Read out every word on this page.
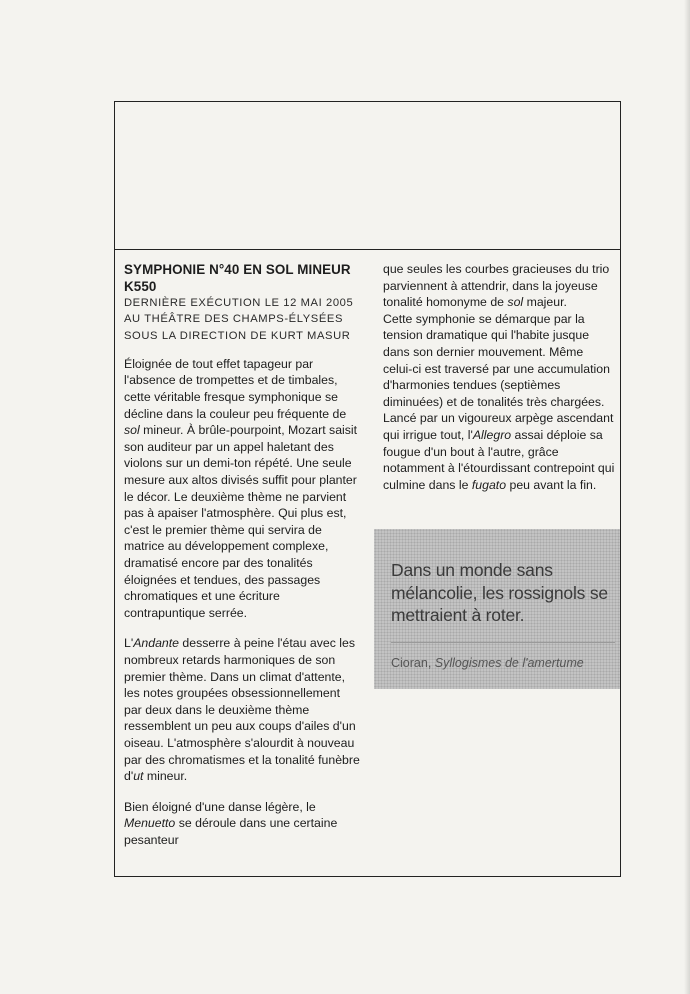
SYMPHONIE N°40 EN SOL MINEUR
K550
DERNIÈRE EXÉCUTION LE 12 MAI 2005
AU THÉÂTRE DES CHAMPS-ÉLYSÉES
SOUS LA DIRECTION DE KURT MASUR

Éloignée de tout effet tapageur par l'absence de trompettes et de timbales, cette véritable fresque symphonique se décline dans la couleur peu fréquente de sol mineur. À brûle-pourpoint, Mozart saisit son auditeur par un appel haletant des violons sur un demi-ton répété. Une seule mesure aux altos divisés suffit pour planter le décor. Le deuxième thème ne parvient pas à apaiser l'atmosphère. Qui plus est, c'est le premier thème qui servira de matrice au développement complexe, dramatisé encore par des tonalités éloignées et tendues, des passages chromatiques et une écriture contrapuntique serrée.

L'Andante desserre à peine l'étau avec les nombreux retards harmoniques de son premier thème. Dans un climat d'attente, les notes groupées obsessionnellement par deux dans le deuxième thème ressemblent un peu aux coups d'ailes d'un oiseau. L'atmosphère s'alourdit à nouveau par des chromatismes et la tonalité funèbre d'ut mineur.

Bien éloigné d'une danse légère, le Menuetto se déroule dans une certaine pesanteur

que seules les courbes gracieuses du trio parviennent à attendrir, dans la joyeuse tonalité homonyme de sol majeur.

Cette symphonie se démarque par la tension dramatique qui l'habite jusque dans son dernier mouvement. Même celui-ci est traversé par une accumulation d'harmonies tendues (septièmes diminuées) et de tonalités très chargées. Lancé par un vigoureux arpège ascendant qui irrigue tout, l'Allegro assai déploie sa fougue d'un bout à l'autre, grâce notamment à l'étourdissant contrepoint qui culmine dans le fugato peu avant la fin.

Dans un monde sans mélancolie, les rossignols se mettraient à roter.
Cioran, Syllogismes de l'amertume
